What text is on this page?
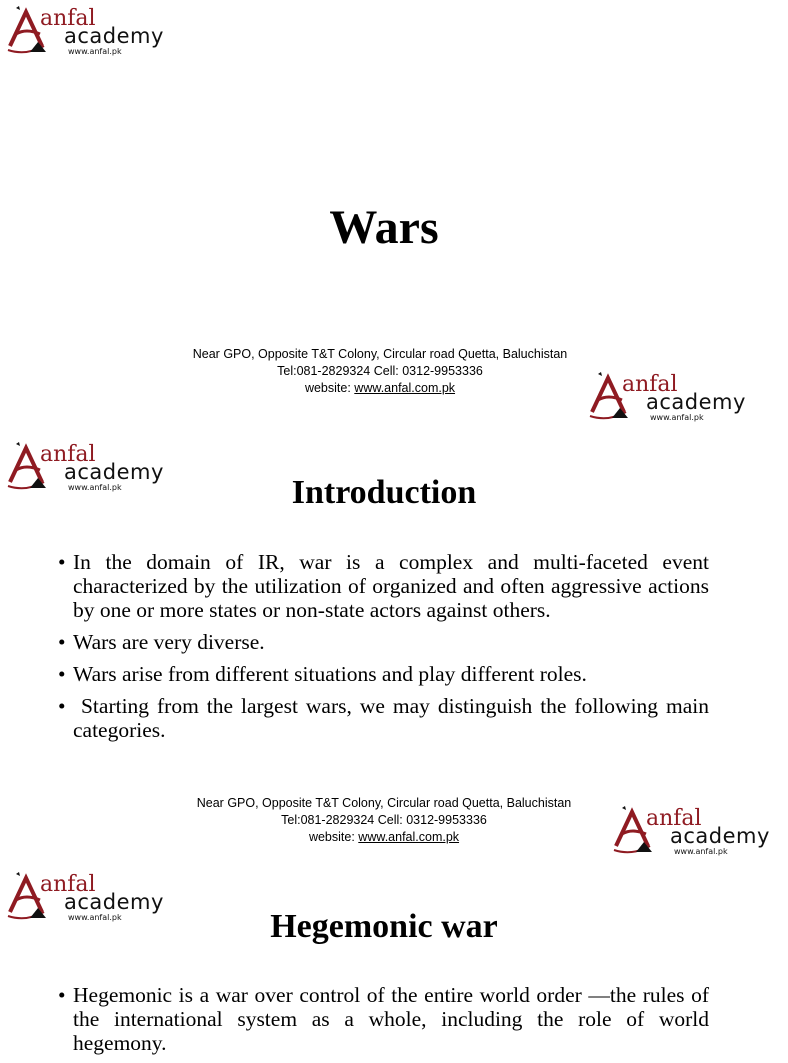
anfal
academy
www.anfal.pk
Wars
Near GPO, Opposite T&T Colony, Circular road Quetta, Baluchistan
Tel:081-2829324 Cell: 0312-9953336
website: www.anfal.com.pk	anfal
academy
www.anfal.pk
anfal
academy
www.anfal.pk	Introduction
• In the domain of IR, war is a complex and multi-faceted event characterized by the utilization of organized and often aggressive actions by one or more states or non-state actors against others.
• Wars are very diverse.
• Wars arise from different situations and play different roles.
•  Starting from the largest wars, we may distinguish the following main categories.
Near GPO, Opposite T&T Colony, Circular road Quetta, Baluchistan
Tel:081-2829324 Cell: 0312-9953336
website: www.anfal.com.pk
anfal
academy
www.anfal.pk
anfal
academy
www.anfal.pk	Hegemonic war
• Hegemonic is a war over control of the entire world order —the rules of the international system as a whole, including the role of world hegemony.
